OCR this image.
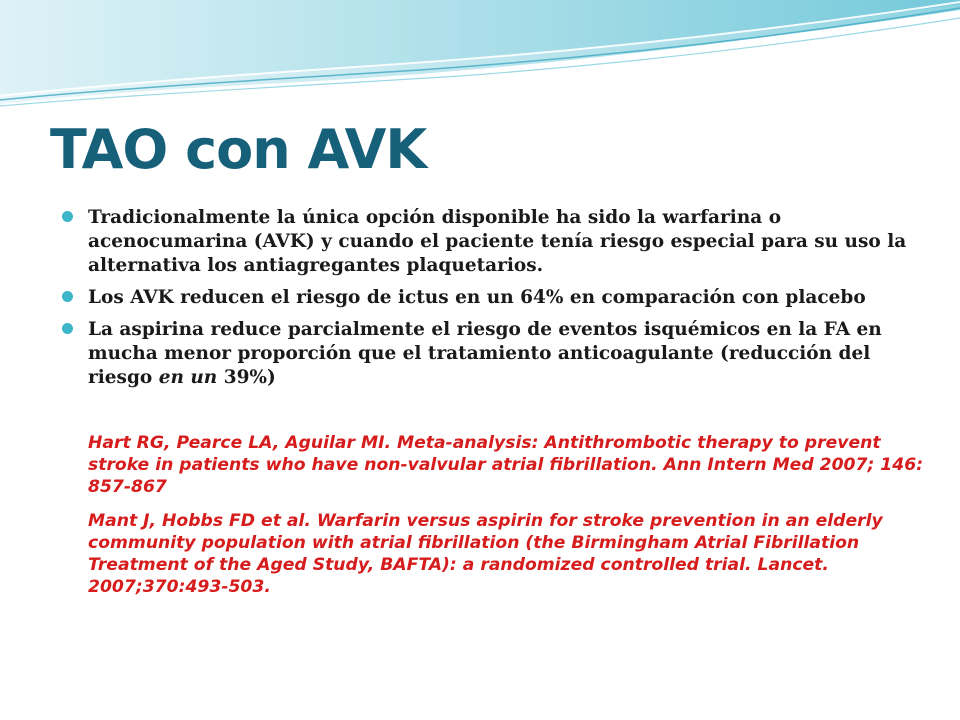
TAO con AVK
Tradicionalmente la única opción disponible ha sido la warfarina o acenocumarina (AVK) y cuando el paciente tenía riesgo especial para su uso la alternativa los antiagregantes plaquetarios.
Los AVK reducen el riesgo de ictus en un 64% en comparación con placebo
La aspirina reduce parcialmente el riesgo de eventos isquémicos en la FA en mucha menor proporción que el tratamiento anticoagulante (reducción del riesgo en un 39%)

Hart RG, Pearce LA, Aguilar MI. Meta-analysis: Antithrombotic therapy to prevent stroke in patients who have non-valvular atrial fibrillation. Ann Intern Med 2007; 146: 857-867

Mant J, Hobbs FD et al. Warfarin versus aspirin for stroke prevention in an elderly community population with atrial fibrillation (the Birmingham Atrial Fibrillation Treatment of the Aged Study, BAFTA): a randomized controlled trial. Lancet. 2007;370:493-503.
